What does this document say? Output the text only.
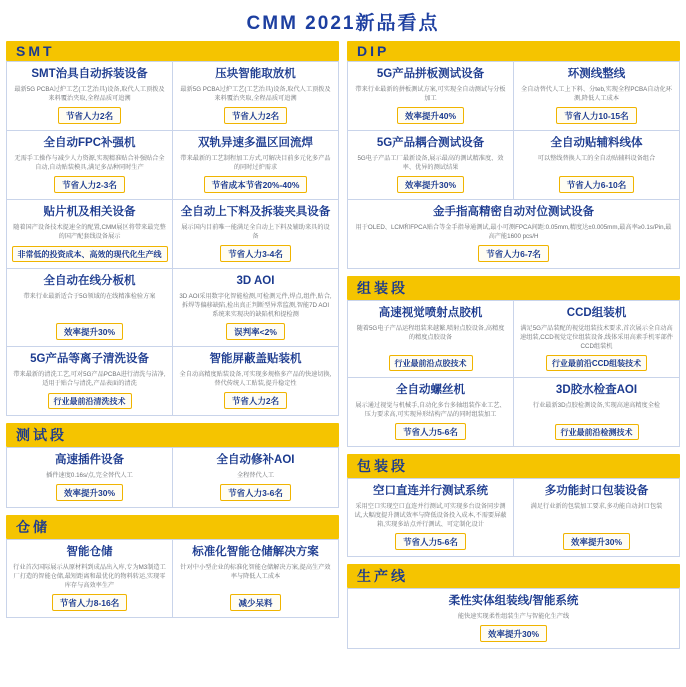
CMM 2021新品看点
SMT
SMT治具自动拆装设备
最新5G PCBA过炉工艺(工艺治具)设备,取代人工顶拨及来料覆治夹取,全程品质可追溯
节省人力2名
压块智能取放机
最新5G PCBA过炉工艺(工艺治具)设备,取代人工顶拨及来料覆治夹取,全程品质可追溯
节省人力2名
全自动FPC补强机
无需手工操作与减少人力资源,实现精准贴合补强贴合全自动,自动贴装模具,满足多品种同时生产
节省人力2-3名
双轨异速多温区回流焊
带来最新的工艺制程加工方式,可解决目前多元化多产品的同时过炉需求
节省成本节省20%-40%
贴片机及相关设备
随着国产设备技术提速全的配置,CMM展区将带来最完整的国产配套线设备展示
非常低的投资成本、高效的现代化生产线
全自动上下料及拆装夹具设备
展示国内目前唯一能满足全自动上下料及辅助来具的设备
节省人力3-4名
全自动在线分板机
带来行业最新适合于5G领域的在线精准检验方案
效率提升30%
3D AOI
3D AOI采用数字化智能检测,可检测元件,焊点,组件,贴合,拆焊等偏移缺陷,检出真正判断型异常监测,智能7D AOI系统来实现决的缺陷机和提检测
误判率<2%
5G产品等离子清洗设备
带来最新的清洗工艺,可对5G产品PCBA进行清洗与洁净,适用于贴合与清洗,产品表面的清洗
行业最前沿清洗技术
智能屏蔽盖贴装机
全自动高精度贴装设备,可实现多规格多产品的快速切换,替代传统人工贴装,提升稳定性
节省人力2名
测试段
高速插件设备
插件速度0.16s/点,完全替代人工
效率提升30%
全自动修补AOI
全程替代人工
节省人力3-6名
仓储
智能仓储
行业首次国际展示从原材料到成品出入库,专为M3制造工厂打造的智能仓储,最短距离和最优化的物料转运,实现零库存与高效率生产
节省人力8-16名
标准化智能仓储解决方案
针对中小型企业的标准化智能仓储解决方案,提高生产效率与降低人工成本
减少呆料
DIP
5G产品拼板测试设备
带来行业最新的拼板测试方案,可实现全自动测试与分板加工
效率提升40%
环测线整线
全自动替代人工上下料、分teb,实现全程PCBA自动化环测,降低人工成本
节省人力10-15名
5G产品耦合测试设备
5G电子产品工厂最新设备,展示最高的测试精准度、效率、优异的测试结果
效率提升30%
全自动贴辅料线体
可以整线替换人工的全自动贴辅料设备组合
节省人力6-10名
金手指高精密自动对位测试设备
用于OLED、LCM和FPCA贴合等金手指导通测试,最小可测FPCA间距:0.05mm,精度达±0.005mm,最高率≥0.1s/Pin,最高产能1600 pcs/H
节省人力6-7名
组装段
高速视觉喷射点胶机
随着5G电子产品运程组装来越繁,喷射点胶设备,高精度的精度点胶设备
行业最前沿点胶技术
CCD组装机
满足5G产品装配的视觉组装技术要求,首次展示全自动高速组装,CCD视觉定位组装设备,线体采用高素手机零部件CCD组装机
行业最前沿CCD组装技术
全自动螺丝机
展示通过视觉与机械手,自动化多台多轴组装作业工艺、压力要求高,可实现异形结构产品的同时组装加工
节省人力5-6名
3D胶水检查AOI
行业最新3D点胶检测设备,实现高速高精度全检
行业最前沿检测技术
包装段
空口直连并行测试系统
采用空口实现空口直连并行测试,可实现多台设备同步测试,大幅度提升测试效率与降低设备投入成本,不需要屏蔽箱,实现多站点并行测试、可定制化设计
节省人力5-6名
多功能封口包装设备
满足行业新的包装加工要求,多功能自动封口包装
效率提升30%
生产线
柔性实体组装线/智能系统
能快速实现柔性组装生产与智能化生产线
效率提升30%
